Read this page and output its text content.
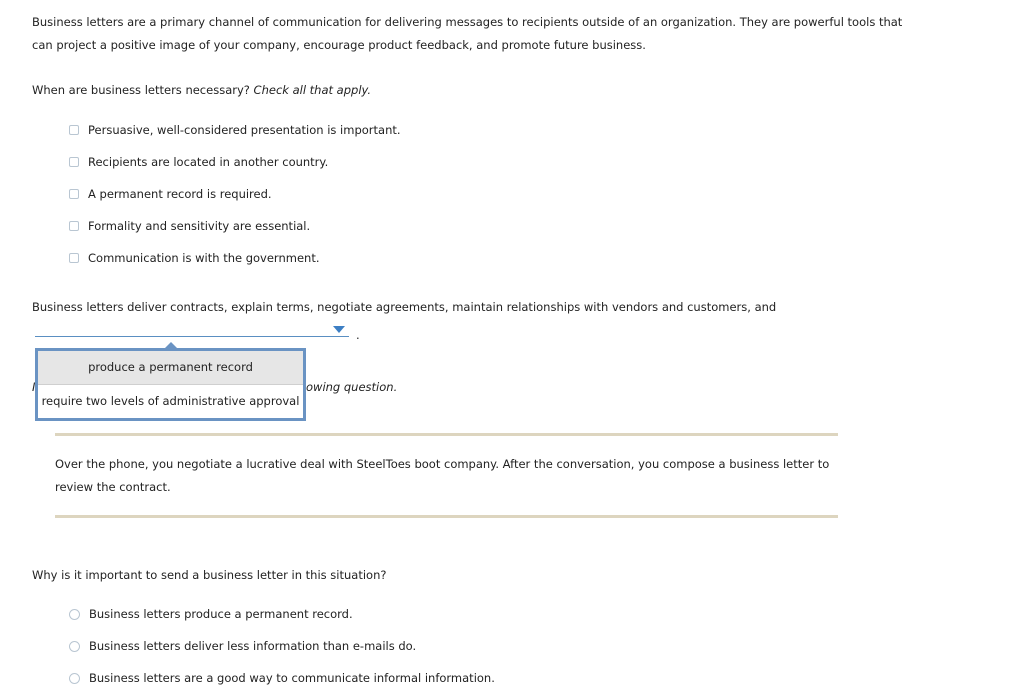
Business letters are a primary channel of communication for delivering messages to recipients outside of an organization. They are powerful tools that
can project a positive image of your company, encourage product feedback, and promote future business.
When are business letters necessary? Check all that apply.
Persuasive, well-considered presentation is important.
Recipients are located in another country.
A permanent record is required.
Formality and sensitivity are essential.
Communication is with the government.
Business letters deliver contracts, explain terms, negotiate agreements, maintain relationships with vendors and customers, and
.
I	owing question.
produce a permanent record
require two levels of administrative approval
Over the phone, you negotiate a lucrative deal with SteelToes boot company. After the conversation, you compose a business letter to
review the contract.
Why is it important to send a business letter in this situation?
Business letters produce a permanent record.
Business letters deliver less information than e-mails do.
Business letters are a good way to communicate informal information.
